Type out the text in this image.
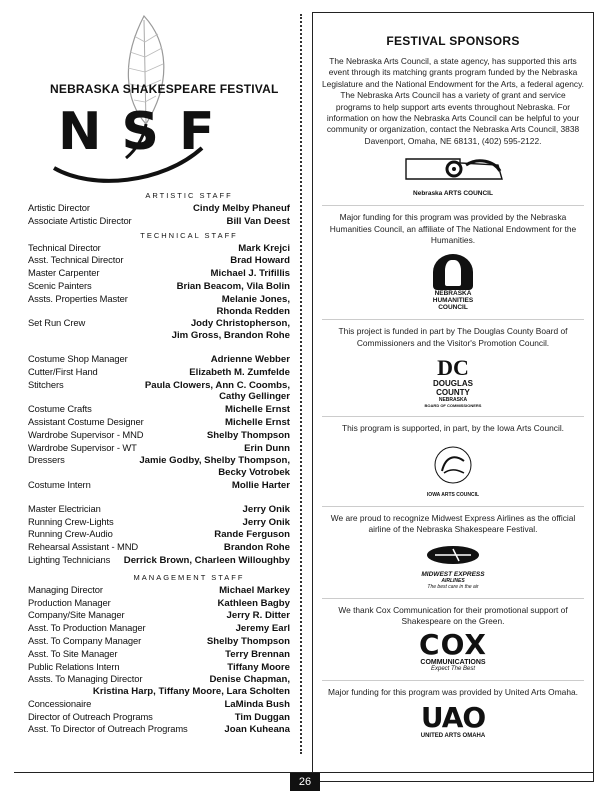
NEBRASKA SHAKESPEARE FESTIVAL
NSF
ARTISTIC STAFF
Artistic Director	Cindy Melby Phaneuf
Associate Artistic Director	Bill Van Deest
TECHNICAL STAFF
Technical Director	Mark Krejci
Asst. Technical Director	Brad Howard
Master Carpenter	Michael J. Trifillis
Scenic Painters	Brian Beacom, Vila Bolin
Assts. Properties Master	Melanie Jones,
Rhonda Redden
Set Run Crew	Jody Christopherson,
Jim Gross, Brandon Rohe
Costume Shop Manager	Adrienne Webber
Cutter/First Hand	Elizabeth M. Zumfelde
Stitchers	Paula Clowers, Ann C. Coombs,
Cathy Gellinger
Costume Crafts	Michelle Ernst
Assistant Costume Designer	Michelle Ernst
Wardrobe Supervisor - MND	Shelby Thompson
Wardrobe Supervisor - WT	Erin Dunn
Dressers	Jamie Godby, Shelby Thompson,
Becky Votrobek
Costume Intern	Mollie Harter
Master Electrician	Jerry Onik
Running Crew-Lights	Jerry Onik
Running Crew-Audio	Rande Ferguson
Rehearsal Assistant - MND	Brandon Rohe
Lighting Technicians Derrick Brown, Charleen Willoughby
MANAGEMENT STAFF
Managing Director	Michael Markey
Production Manager	Kathleen Bagby
Company/Site Manager	Jerry R. Ditter
Asst. To Production Manager	Jeremy Earl
Asst. To Company Manager	Shelby Thompson
Asst. To Site Manager	Terry Brennan
Public Relations Intern	Tiffany Moore
Assts. To Managing Director	Denise Chapman,
Kristina Harp, Tiffany Moore, Lara Scholten
Concessionaire	LaMinda Bush
Director of Outreach Programs	Tim Duggan
Asst. To Director of Outreach Programs	Joan Kuheana
FESTIVAL SPONSORS

The Nebraska Arts Council, a state agency, has supported this arts event through its matching grants program funded by the Nebraska Legislature and the National Endowment for the Arts, a federal agency. The Nebraska Arts Council has a variety of grant and service programs to help support arts events throughout Nebraska. For information on how the Nebraska Arts Council can be helpful to your community or organization, contact the Nebraska Arts Council, 3838 Davenport, Omaha, NE 68131, (402) 595-2122.

Nebraska ARTS COUNCIL

Major funding for this program was provided by the Nebraska Humanities Council, an affiliate of The National Endowment for the Humanities.

NEBRASKA
HUMANITIES
COUNCIL

This project is funded in part by The Douglas County Board of Commissioners and the Visitor's Promotion Council.

DC
DOUGLAS
COUNTY
NEBRASKA
BOARD OF COMMISSIONERS

This program is supported, in part, by the Iowa Arts Council.

IOWA ARTS COUNCIL

We are proud to recognize Midwest Express Airlines as the official airline of the Nebraska Shakespeare Festival.

MIDWEST EXPRESS
AIRLINES
The best care in the air

We thank Cox Communication for their promotional support of Shakespeare on the Green.

COX
COMMUNICATIONS
Expect The Best

Major funding for this program was provided by United Arts Omaha.

UAO
UNITED ARTS OMAHA
26
